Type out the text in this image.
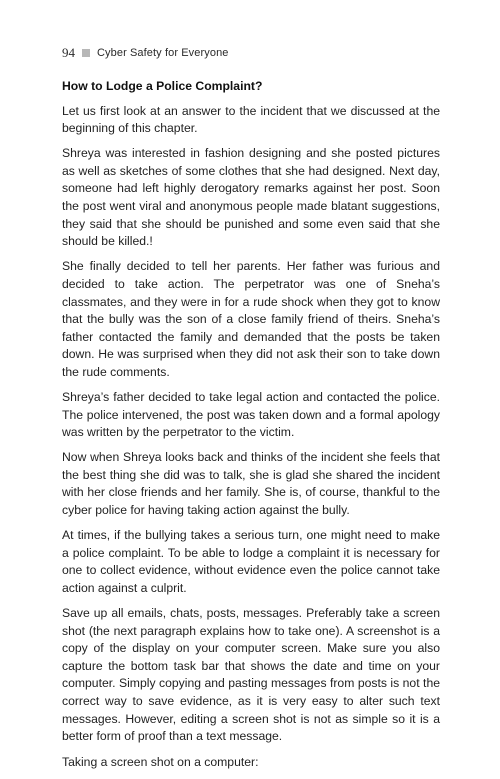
94 Cyber Safety for Everyone
How to Lodge a Police Complaint?

Let us first look at an answer to the incident that we discussed at the beginning of this chapter.

Shreya was interested in fashion designing and she posted pictures as well as sketches of some clothes that she had designed. Next day, someone had left highly derogatory remarks against her post. Soon the post went viral and anonymous people made blatant suggestions, they said that she should be punished and some even said that she should be killed.!

She finally decided to tell her parents. Her father was furious and decided to take action. The perpetrator was one of Sneha’s classmates, and they were in for a rude shock when they got to know that the bully was the son of a close family friend of theirs. Sneha’s father contacted the family and demanded that the posts be taken down. He was surprised when they did not ask their son to take down the rude comments.

Shreya’s father decided to take legal action and contacted the police. The police intervened, the post was taken down and a formal apology was written by the perpetrator to the victim.

Now when Shreya looks back and thinks of the incident she feels that the best thing she did was to talk, she is glad she shared the incident with her close friends and her family. She is, of course, thankful to the cyber police for having taking action against the bully.

At times, if the bullying takes a serious turn, one might need to make a police complaint. To be able to lodge a complaint it is necessary for one to collect evidence, without evidence even the police cannot take action against a culprit.

Save up all emails, chats, posts, messages. Preferably take a screen shot (the next paragraph explains how to take one). A screenshot is a copy of the display on your computer screen. Make sure you also capture the bottom task bar that shows the date and time on your computer. Simply copying and pasting messages from posts is not the correct way to save evidence, as it is very easy to alter such text messages. However, editing a screen shot is not as simple so it is a better form of proof than a text message.

Taking a screen shot on a computer:
